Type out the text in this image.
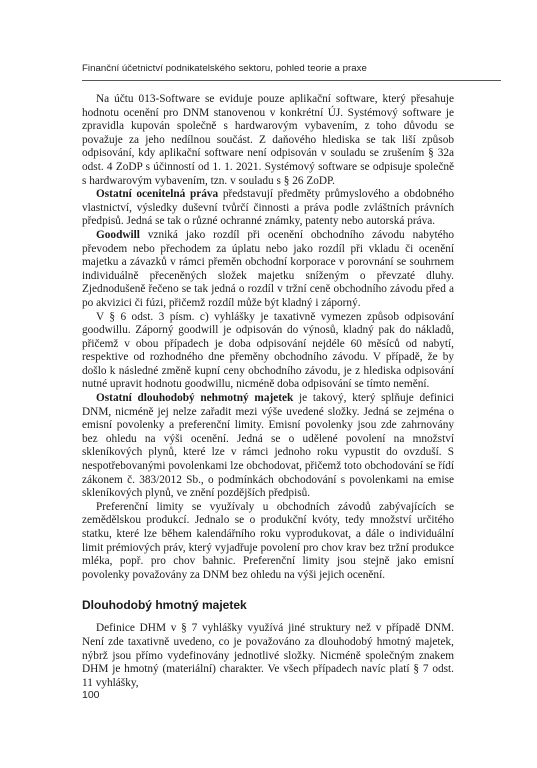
Finanční účetnictví podnikatelského sektoru, pohled teorie a praxe

Na účtu 013-Software se eviduje pouze aplikační software, který přesahuje hodnotu ocenění pro DNM stanovenou v konkrétní ÚJ. Systémový software je zpravidla kupován společně s hardwarovým vybavením, z toho důvodu se považuje za jeho nedílnou součást. Z daňového hlediska se tak liší způsob odpisování, kdy aplikační software není odpisován v souladu se zrušením § 32a odst. 4 ZoDP s účinností od 1. 1. 2021. Systémový software se odpisuje společně s hardwarovým vybavením, tzn. v souladu s § 26 ZoDP.

Ostatní ocenitelná práva představují předměty průmyslového a obdobného vlastnictví, výsledky duševní tvůrčí činnosti a práva podle zvláštních právních předpisů. Jedná se tak o různé ochranné známky, patenty nebo autorská práva.

Goodwill vzniká jako rozdíl při ocenění obchodního závodu nabytého převodem nebo přechodem za úplatu nebo jako rozdíl při vkladu či ocenění majetku a závazků v rámci přeměn obchodní korporace v porovnání se souhrnem individuálně přeceněných složek majetku sníženým o převzaté dluhy. Zjednodušeně řečeno se tak jedná o rozdíl v tržní ceně obchodního závodu před a po akvizici či fúzi, přičemž rozdíl může být kladný i záporný.

V § 6 odst. 3 písm. c) vyhlášky je taxativně vymezen způsob odpisování goodwillu. Záporný goodwill je odpisován do výnosů, kladný pak do nákladů, přičemž v obou případech je doba odpisování nejdéle 60 měsíců od nabytí, respektive od rozhodného dne přeměny obchodního závodu. V případě, že by došlo k následné změně kupní ceny obchodního závodu, je z hlediska odpisování nutné upravit hodnotu goodwillu, nicméně doba odpisování se tímto nemění.

Ostatní dlouhodobý nehmotný majetek je takový, který splňuje definici DNM, nicméně jej nelze zařadit mezi výše uvedené složky. Jedná se zejména o emisní povolenky a preferenční limity. Emisní povolenky jsou zde zahrnovány bez ohledu na výši ocenění. Jedná se o udělené povolení na množství skleníkových plynů, které lze v rámci jednoho roku vypustit do ovzduší. S nespotřebovanými povolenkami lze obchodovat, přičemž toto obchodování se řídí zákonem č. 383/2012 Sb., o podmínkách obchodování s povolenkami na emise skleníkových plynů, ve znění pozdějších předpisů.

Preferenční limity se využívaly u obchodních závodů zabývajících se zemědělskou produkcí. Jednalo se o produkční kvóty, tedy množství určitého statku, které lze během kalendářního roku vyprodukovat, a dále o individuální limit prémiových práv, který vyjadřuje povolení pro chov krav bez tržní produkce mléka, popř. pro chov bahnic. Preferenční limity jsou stejně jako emisní povolenky považovány za DNM bez ohledu na výši jejich ocenění.

Dlouhodobý hmotný majetek

Definice DHM v § 7 vyhlášky využívá jiné struktury než v případě DNM. Není zde taxativně uvedeno, co je považováno za dlouhodobý hmotný majetek, nýbrž jsou přímo vydefinovány jednotlivé složky. Nicméně společným znakem DHM je hmotný (materiální) charakter. Ve všech případech navíc platí § 7 odst. 11 vyhlášky,

100
